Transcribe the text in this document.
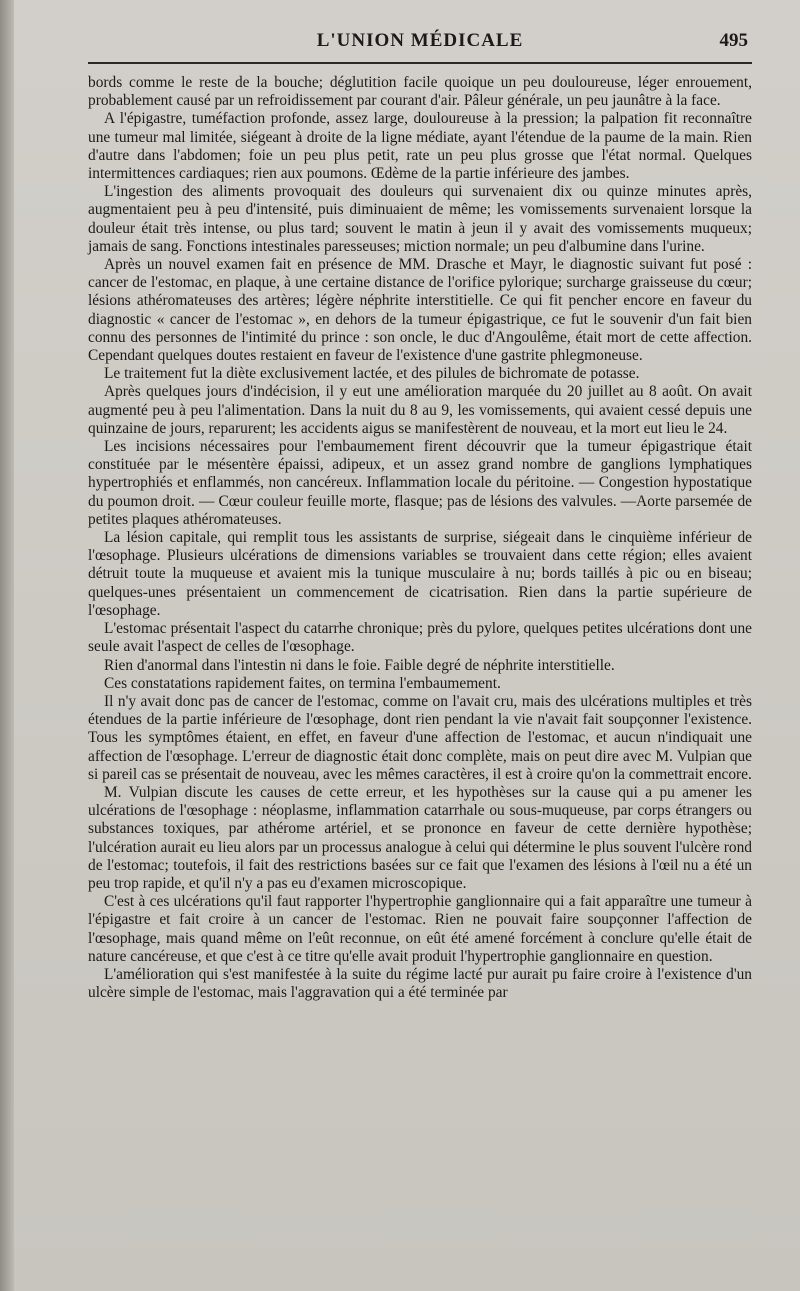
L'UNION MÉDICALE	495

bords comme le reste de la bouche; déglutition facile quoique un peu douloureuse, léger enrouement, probablement causé par un refroidissement par courant d'air. Pâleur générale, un peu jaunâtre à la face.

A l'épigastre, tuméfaction profonde, assez large, douloureuse à la pression; la palpation fit reconnaître une tumeur mal limitée, siégeant à droite de la ligne médiate, ayant l'étendue de la paume de la main. Rien d'autre dans l'abdomen; foie un peu plus petit, rate un peu plus grosse que l'état normal. Quelques intermittences cardiaques; rien aux poumons. Œdème de la partie inférieure des jambes.

L'ingestion des aliments provoquait des douleurs qui survenaient dix ou quinze minutes après, augmentaient peu à peu d'intensité, puis diminuaient de même; les vomissements survenaient lorsque la douleur était très intense, ou plus tard; souvent le matin à jeun il y avait des vomissements muqueux; jamais de sang. Fonctions intestinales paresseuses; miction normale; un peu d'albumine dans l'urine.

Après un nouvel examen fait en présence de MM. Drasche et Mayr, le diagnostic suivant fut posé : cancer de l'estomac, en plaque, à une certaine distance de l'orifice pylorique; surcharge graisseuse du cœur; lésions athéromateuses des artères; légère néphrite interstitielle. Ce qui fit pencher encore en faveur du diagnostic « cancer de l'estomac », en dehors de la tumeur épigastrique, ce fut le souvenir d'un fait bien connu des personnes de l'intimité du prince : son oncle, le duc d'Angoulême, était mort de cette affection. Cependant quelques doutes restaient en faveur de l'existence d'une gastrite phlegmoneuse.

Le traitement fut la diète exclusivement lactée, et des pilules de bichromate de potasse.

Après quelques jours d'indécision, il y eut une amélioration marquée du 20 juillet au 8 août. On avait augmenté peu à peu l'alimentation. Dans la nuit du 8 au 9, les vomissements, qui avaient cessé depuis une quinzaine de jours, reparurent; les accidents aigus se manifestèrent de nouveau, et la mort eut lieu le 24.

Les incisions nécessaires pour l'embaumement firent découvrir que la tumeur épigastrique était constituée par le mésentère épaissi, adipeux, et un assez grand nombre de ganglions lymphatiques hypertrophiés et enflammés, non cancéreux. Inflammation locale du péritoine. — Congestion hypostatique du poumon droit. — Cœur couleur feuille morte, flasque; pas de lésions des valvules. —Aorte parsemée de petites plaques athéromateuses.

La lésion capitale, qui remplit tous les assistants de surprise, siégeait dans le cinquième inférieur de l'œsophage. Plusieurs ulcérations de dimensions variables se trouvaient dans cette région; elles avaient détruit toute la muqueuse et avaient mis la tunique musculaire à nu; bords taillés à pic ou en biseau; quelques-unes présentaient un commencement de cicatrisation. Rien dans la partie supérieure de l'œsophage.

L'estomac présentait l'aspect du catarrhe chronique; près du pylore, quelques petites ulcérations dont une seule avait l'aspect de celles de l'œsophage.

Rien d'anormal dans l'intestin ni dans le foie. Faible degré de néphrite interstitielle.

Ces constatations rapidement faites, on termina l'embaumement.

Il n'y avait donc pas de cancer de l'estomac, comme on l'avait cru, mais des ulcérations multiples et très étendues de la partie inférieure de l'œsophage, dont rien pendant la vie n'avait fait soupçonner l'existence. Tous les symptômes étaient, en effet, en faveur d'une affection de l'estomac, et aucun n'indiquait une affection de l'œsophage. L'erreur de diagnostic était donc complète, mais on peut dire avec M. Vulpian que si pareil cas se présentait de nouveau, avec les mêmes caractères, il est à croire qu'on la commettrait encore.

M. Vulpian discute les causes de cette erreur, et les hypothèses sur la cause qui a pu amener les ulcérations de l'œsophage : néoplasme, inflammation catarrhale ou sous-muqueuse, par corps étrangers ou substances toxiques, par athérome artériel, et se prononce en faveur de cette dernière hypothèse; l'ulcération aurait eu lieu alors par un processus analogue à celui qui détermine le plus souvent l'ulcère rond de l'estomac; toutefois, il fait des restrictions basées sur ce fait que l'examen des lésions à l'œil nu a été un peu trop rapide, et qu'il n'y a pas eu d'examen microscopique.

C'est à ces ulcérations qu'il faut rapporter l'hypertrophie ganglionnaire qui a fait apparaître une tumeur à l'épigastre et fait croire à un cancer de l'estomac. Rien ne pouvait faire soupçonner l'affection de l'œsophage, mais quand même on l'eût reconnue, on eût été amené forcément à conclure qu'elle était de nature cancéreuse, et que c'est à ce titre qu'elle avait produit l'hypertrophie ganglionnaire en question.

L'amélioration qui s'est manifestée à la suite du régime lacté pur aurait pu faire croire à l'existence d'un ulcère simple de l'estomac, mais l'aggravation qui a été terminée par
